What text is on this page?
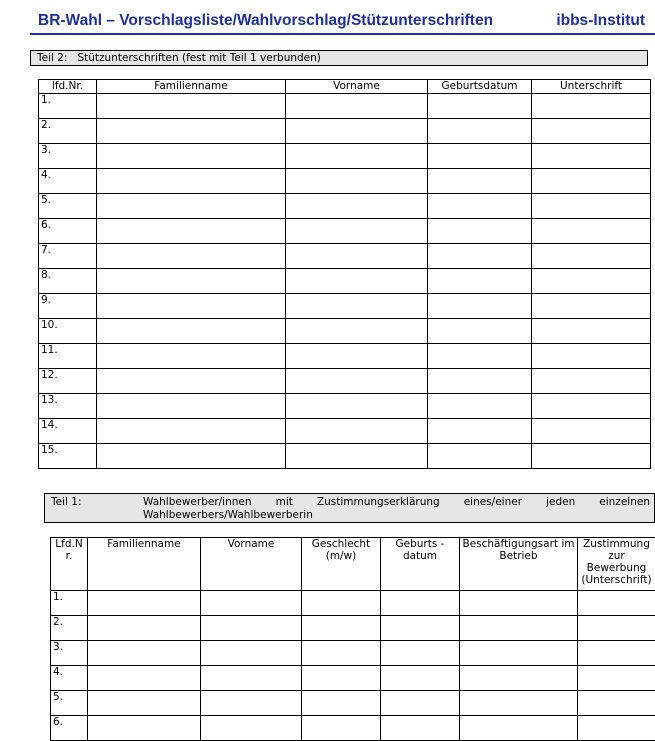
BR-Wahl – Vorschlagsliste/Wahlvorschlag/Stützunterschriften	ibbs-Institut
Teil 2:   Stützunterschriften (fest mit Teil 1 verbunden)
lfd.Nr.	Familienname	Vorname	Geburtsdatum	Unterschrift
1.				
2.				
3.				
4.				
5.				
6.				
7.				
8.				
9.				
10.				
11.				
12.				
13.				
14.				
15.				
Teil 1:	Wahlbewerber/innen mit Zustimmungserklärung eines/einer jeden einzelnen
Wahlbewerbers/Wahlbewerberin
Lfd.N r.	Familienname	Vorname	Geschlecht (m/w)	Geburts - datum	Beschäftigungsart im Betrieb	Zustimmung zur Bewerbung (Unterschrift)
1.						
2.						
3.						
4.						
5.						
6.						
